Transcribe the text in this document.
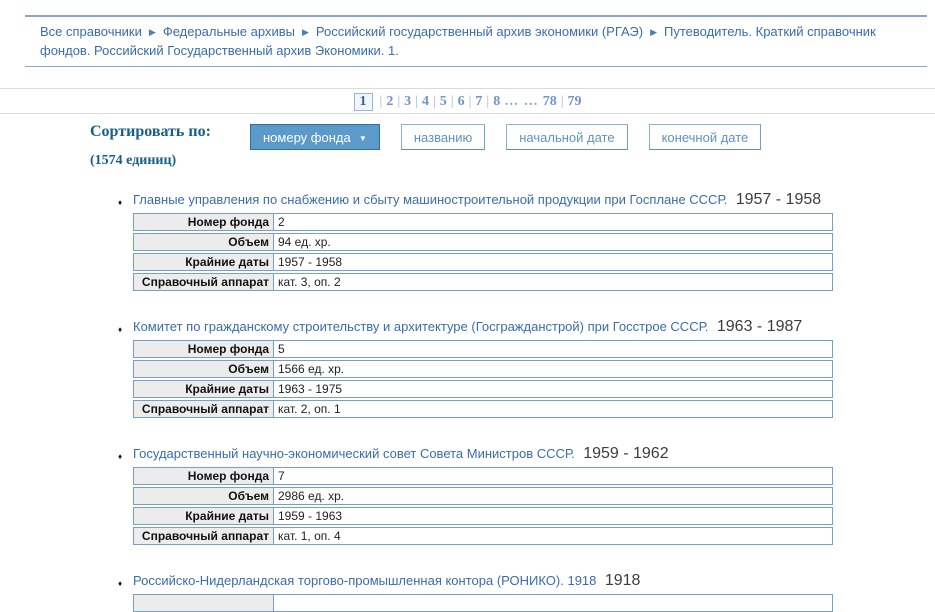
Все справочники ▶ Федеральные архивы ▶ Российский государственный архив экономики (РГАЭ) ▶ Путеводитель. Краткий справочник фондов. Российский Государственный архив Экономики. 1.
1 | 2 | 3 | 4 | 5 | 6 | 7 | 8 … … 78 | 79
Сортировать по:
(1574 единиц)
номеру фонда ▼	названию	начальной дате	конечной дате
♦ Главные управления по снабжению и сбыту машиностроительной продукции при Госплане СССР. 1957 - 1958
Номер фонда 2
Объем 94 ед. хр.
Крайние даты 1957 - 1958
Справочный аппарат кат. 3, оп. 2
♦ Комитет по гражданскому строительству и архитектуре (Госгражданстрой) при Госстрое СССР. 1963 - 1987
Номер фонда 5
Объем 1566 ед. хр.
Крайние даты 1963 - 1975
Справочный аппарат кат. 2, оп. 1
♦ Государственный научно-экономический совет Совета Министров СССР. 1959 - 1962
Номер фонда 7
Объем 2986 ед. хр.
Крайние даты 1959 - 1963
Справочный аппарат кат. 1, оп. 4
♦ Российско-Нидерландская торгово-промышленная контора (РОНИКО). 1918 1918
